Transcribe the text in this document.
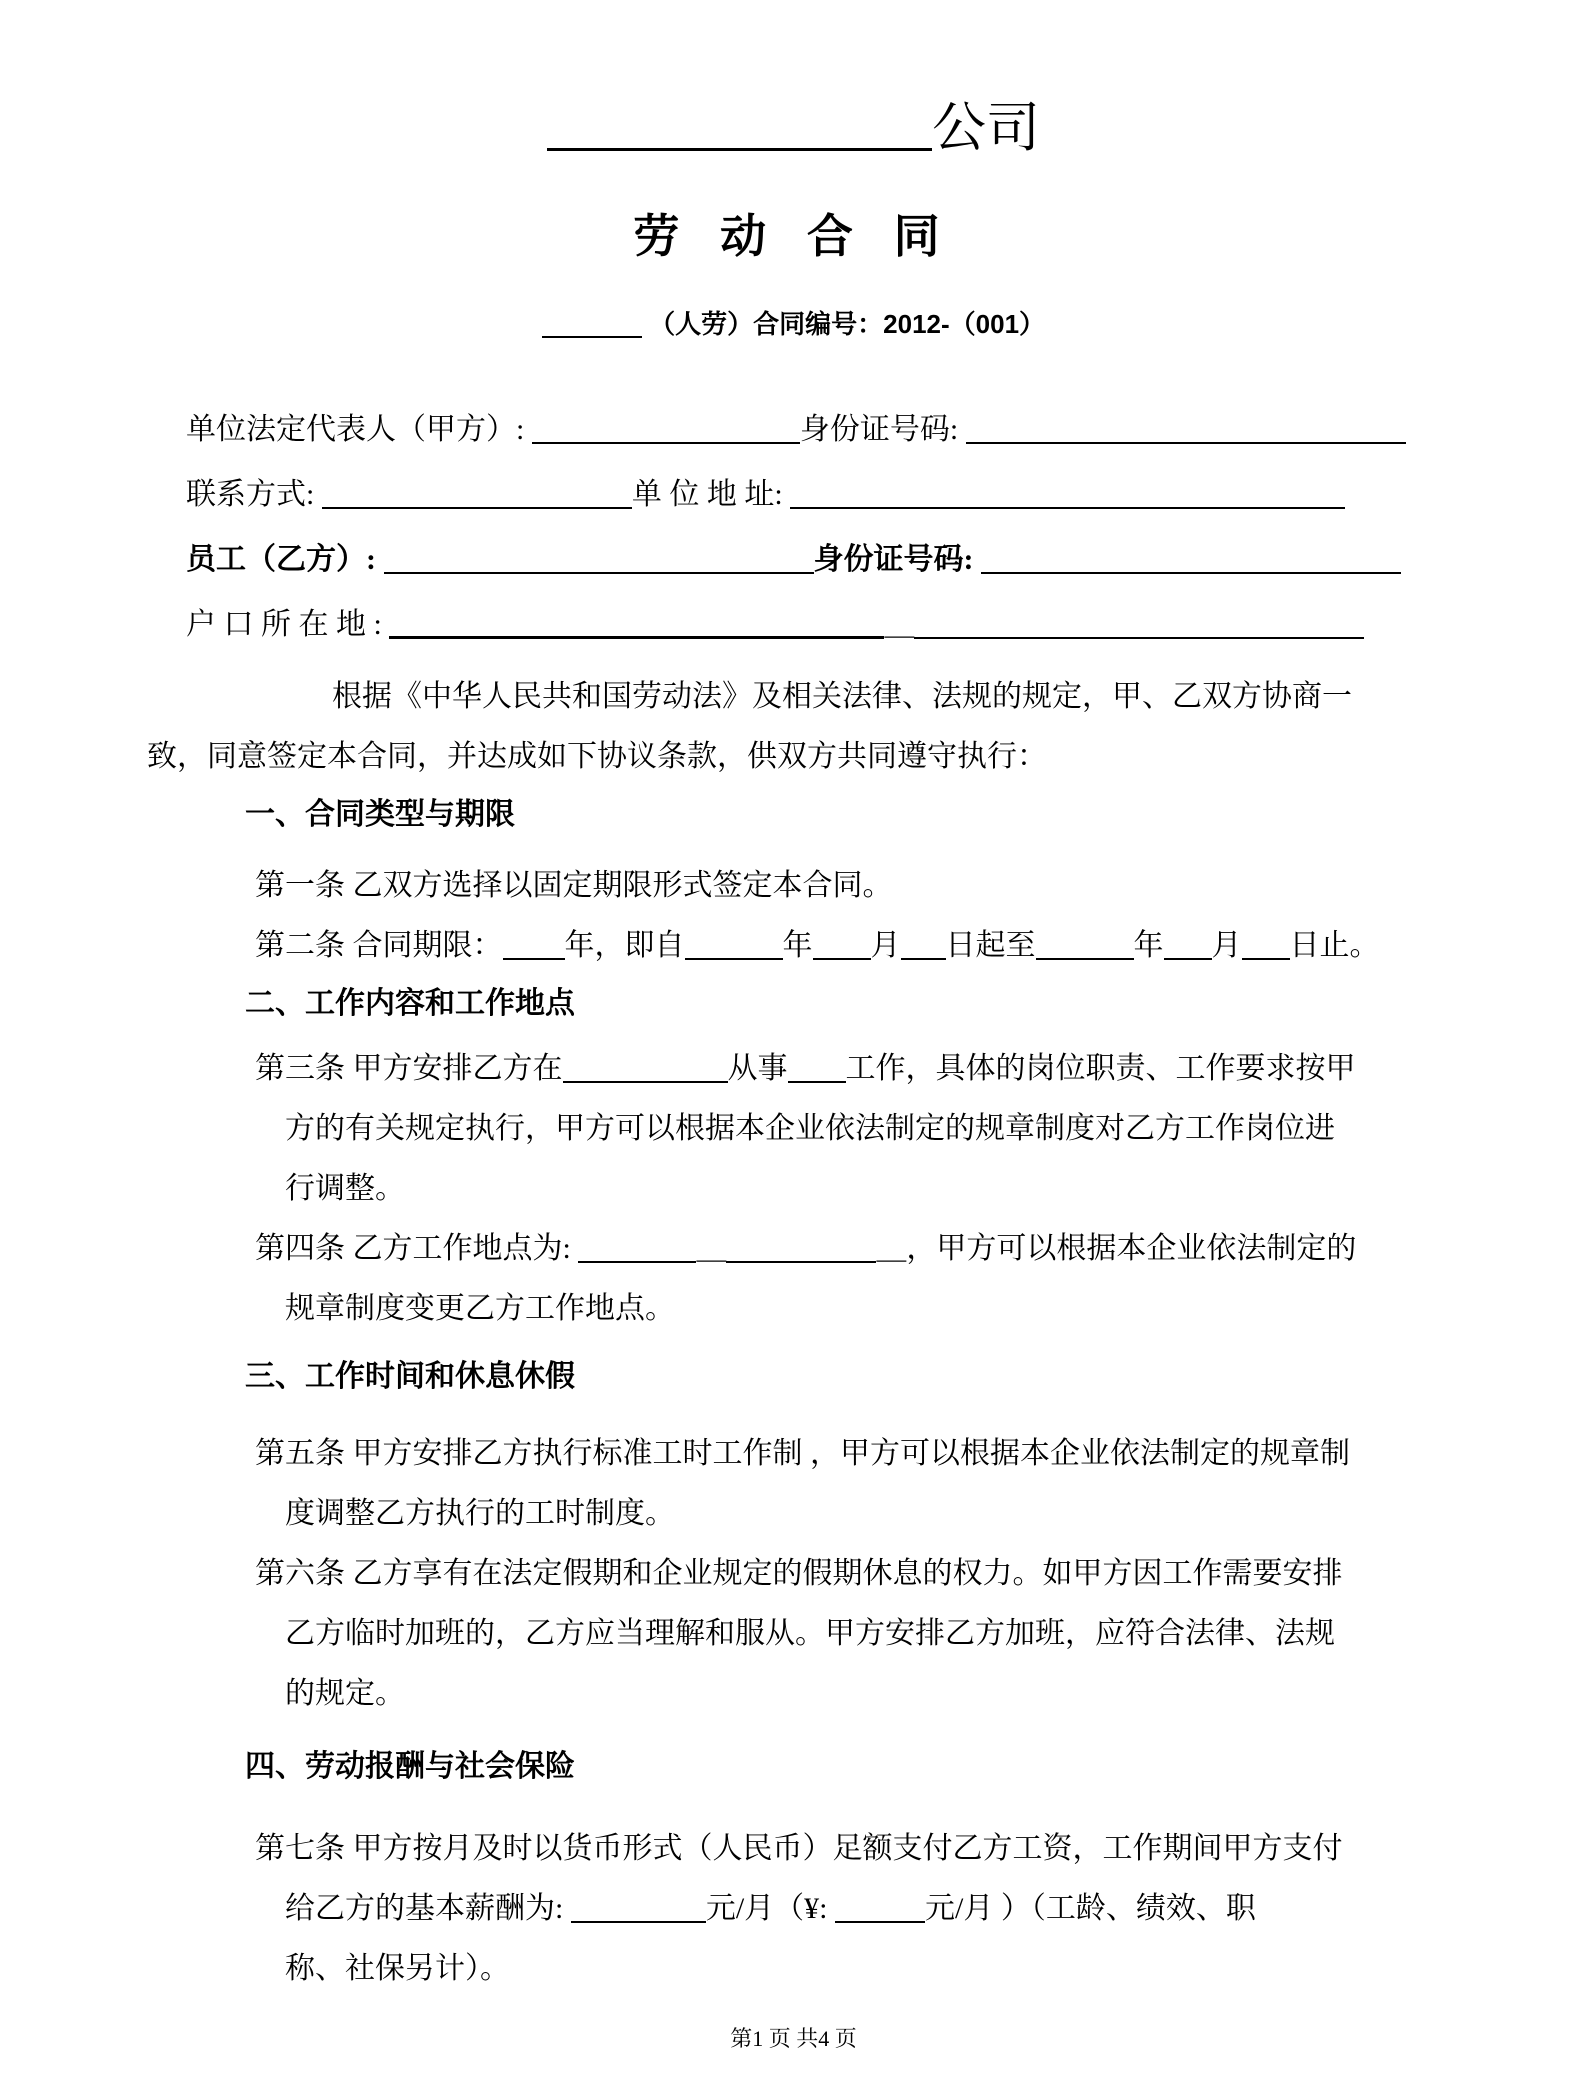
公司
劳 动 合 同
（人劳）合同编号：2012-（001）
单位法定代表人（甲方）:	身份证号码:
联系方式:	单 位 地 址:
员工（乙方）:	身份证号码:
户 口 所 在 地 :	＿
根据《中华人民共和国劳动法》及相关法律、法规的规定，甲、乙双方协商一
致，同意签定本合同，并达成如下协议条款，供双方共同遵守执行：
一、合同类型与期限
第一条 乙双方选择以固定期限形式签定本合同。
第二条 合同期限： 年，即自	年 月 日起至	年 月 日止。
二、工作内容和工作地点
第三条 甲方安排乙方在	从事 工作，具体的岗位职责、工作要求按甲
方的有关规定执行，甲方可以根据本企业依法制定的规章制度对乙方工作岗位进
行调整。
第四条 乙方工作地点为:	＿	＿，甲方可以根据本企业依法制定的
规章制度变更乙方工作地点。
三、工作时间和休息休假
第五条 甲方安排乙方执行标准工时工作制 ，甲方可以根据本企业依法制定的规章制
度调整乙方执行的工时制度。
第六条 乙方享有在法定假期和企业规定的假期休息的权力。如甲方因工作需要安排
乙方临时加班的，乙方应当理解和服从。甲方安排乙方加班，应符合法律、法规
的规定。
四、劳动报酬与社会保险
第七条 甲方按月及时以货币形式（人民币）足额支付乙方工资，工作期间甲方支付
给乙方的基本薪酬为:	元/月（¥:	元/月 ）（工龄、绩效、职
称、社保另计）。
第1 页 共4 页
